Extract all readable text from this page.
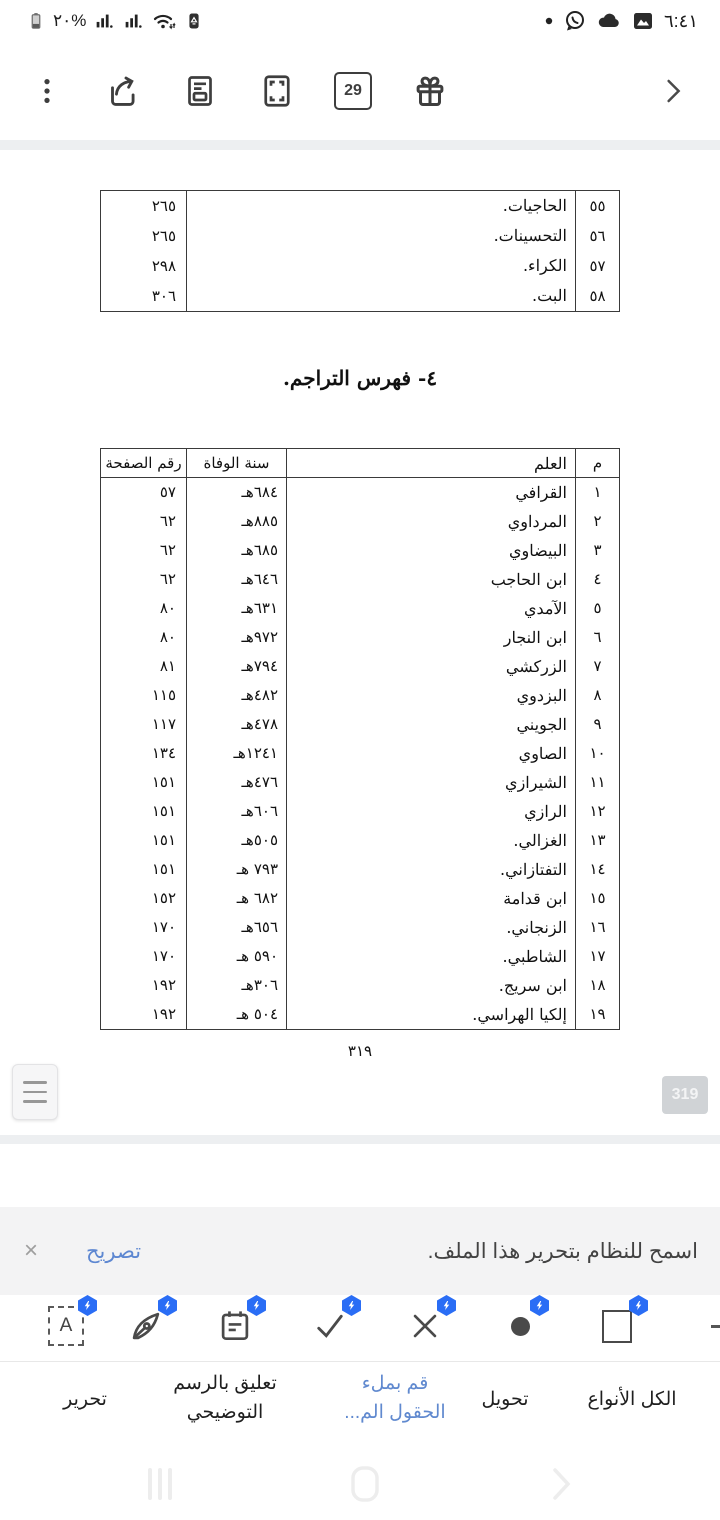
%٢٠	٦:٤١
29
٢٦٥	الحاجيات.	٥٥
٢٦٥	التحسينات.	٥٦
٢٩٨	الكراء.	٥٧
٣٠٦	البت.	٥٨
٤- فهرس التراجم.
رقم الصفحة	سنة الوفاة	العلم	م
٥٧	٦٨٤هـ	القرافي	١
٦٢	٨٨٥هـ	المرداوي	٢
٦٢	٦٨٥هـ	البيضاوي	٣
٦٢	٦٤٦هـ	ابن الحاجب	٤
٨٠	٦٣١هـ	الآمدي	٥
٨٠	٩٧٢هـ	ابن النجار	٦
٨١	٧٩٤هـ	الزركشي	٧
١١٥	٤٨٢هـ	البزدوي	٨
١١٧	٤٧٨هـ	الجويني	٩
١٣٤	١٢٤١هـ	الصاوي	١٠
١٥١	٤٧٦هـ	الشيرازي	١١
١٥١	٦٠٦هـ	الرازي	١٢
١٥١	٥٠٥هـ	الغزالي.	١٣
١٥١	٧٩٣ هـ	التفتازاني.	١٤
١٥٢	٦٨٢ هـ	ابن قدامة	١٥
١٧٠	٦٥٦هـ	الزنجاني.	١٦
١٧٠	٥٩٠ هـ	الشاطبي.	١٧
١٩٢	٣٠٦هـ	ابن سريج.	١٨
١٩٢	٥٠٤ هـ	إلكيا الهراسي.	١٩
٣١٩
319
اسمح للنظام بتحرير هذا الملف.
تصريح
×
A
تحرير
تعليق بالرسم
التوضيحي
قم بملء
الحقول الم...
تحويل	الكل الأنواع
